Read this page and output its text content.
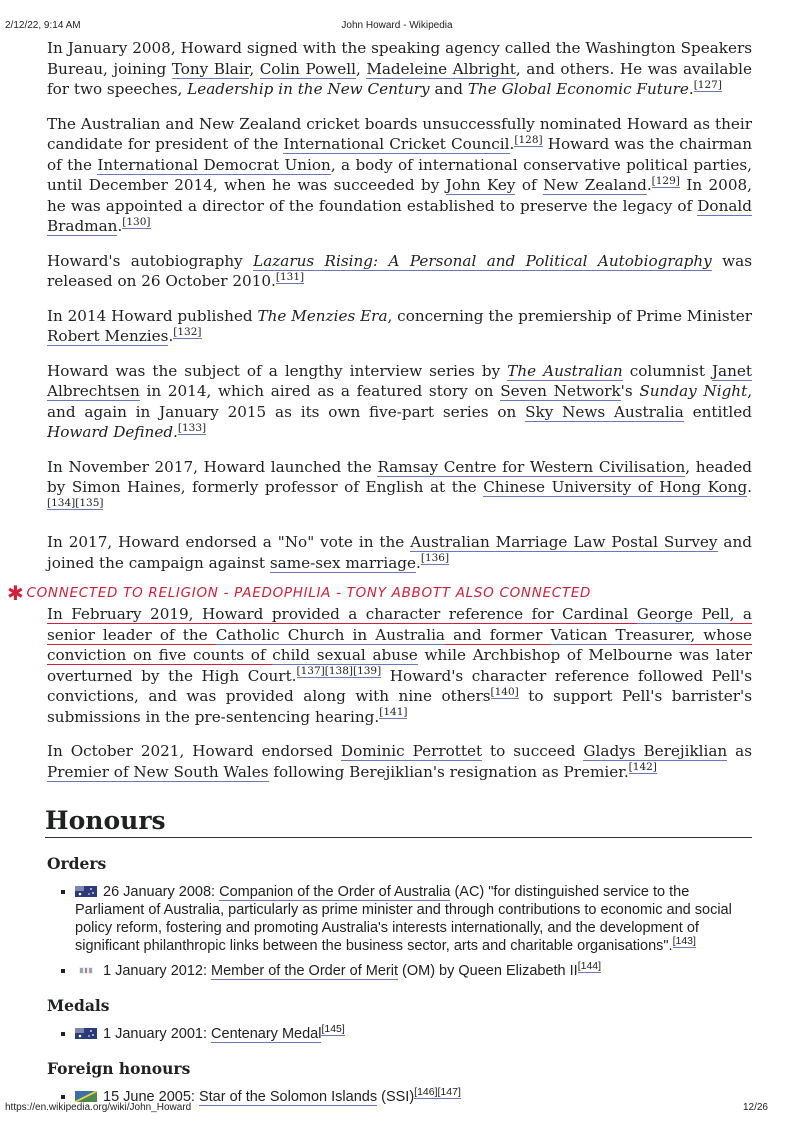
2/12/22, 9:14 AM	John Howard - Wikipedia

In January 2008, Howard signed with the speaking agency called the Washington Speakers Bureau, joining Tony Blair, Colin Powell, Madeleine Albright, and others. He was available for two speeches, Leadership in the New Century and The Global Economic Future.[127]

The Australian and New Zealand cricket boards unsuccessfully nominated Howard as their candidate for president of the International Cricket Council.[128] Howard was the chairman of the International Democrat Union, a body of international conservative political parties, until December 2014, when he was succeeded by John Key of New Zealand.[129] In 2008, he was appointed a director of the foundation established to preserve the legacy of Donald Bradman.[130]

Howard's autobiography Lazarus Rising: A Personal and Political Autobiography was released on 26 October 2010.[131]

In 2014 Howard published The Menzies Era, concerning the premiership of Prime Minister Robert Menzies.[132]

Howard was the subject of a lengthy interview series by The Australian columnist Janet Albrechtsen in 2014, which aired as a featured story on Seven Network's Sunday Night, and again in January 2015 as its own five-part series on Sky News Australia entitled Howard Defined.[133]

In November 2017, Howard launched the Ramsay Centre for Western Civilisation, headed by Simon Haines, formerly professor of English at the Chinese University of Hong Kong.[134][135]

In 2017, Howard endorsed a "No" vote in the Australian Marriage Law Postal Survey and joined the campaign against same-sex marriage.[136]

✱ CONNECTED TO RELIGION - PAEDOPHILIA - TONY ABBOTT ALSO CONNECTED

In February 2019, Howard provided a character reference for Cardinal George Pell, a senior leader of the Catholic Church in Australia and former Vatican Treasurer, whose conviction on five counts of child sexual abuse while Archbishop of Melbourne was later overturned by the High Court.[137][138][139] Howard's character reference followed Pell's convictions, and was provided along with nine others[140] to support Pell's barrister's submissions in the pre-sentencing hearing.[141]

In October 2021, Howard endorsed Dominic Perrottet to succeed Gladys Berejiklian as Premier of New South Wales following Berejiklian's resignation as Premier.[142]

Honours
Orders
26 January 2008: Companion of the Order of Australia (AC) "for distinguished service to the Parliament of Australia, particularly as prime minister and through contributions to economic and social policy reform, fostering and promoting Australia's interests internationally, and the development of significant philanthropic links between the business sector, arts and charitable organisations".[143]
1 January 2012: Member of the Order of Merit (OM) by Queen Elizabeth II[144]
Medals
1 January 2001: Centenary Medal[145]
Foreign honours
15 June 2005: Star of the Solomon Islands (SSI)[146][147]
https://en.wikipedia.org/wiki/John_Howard	12/26
